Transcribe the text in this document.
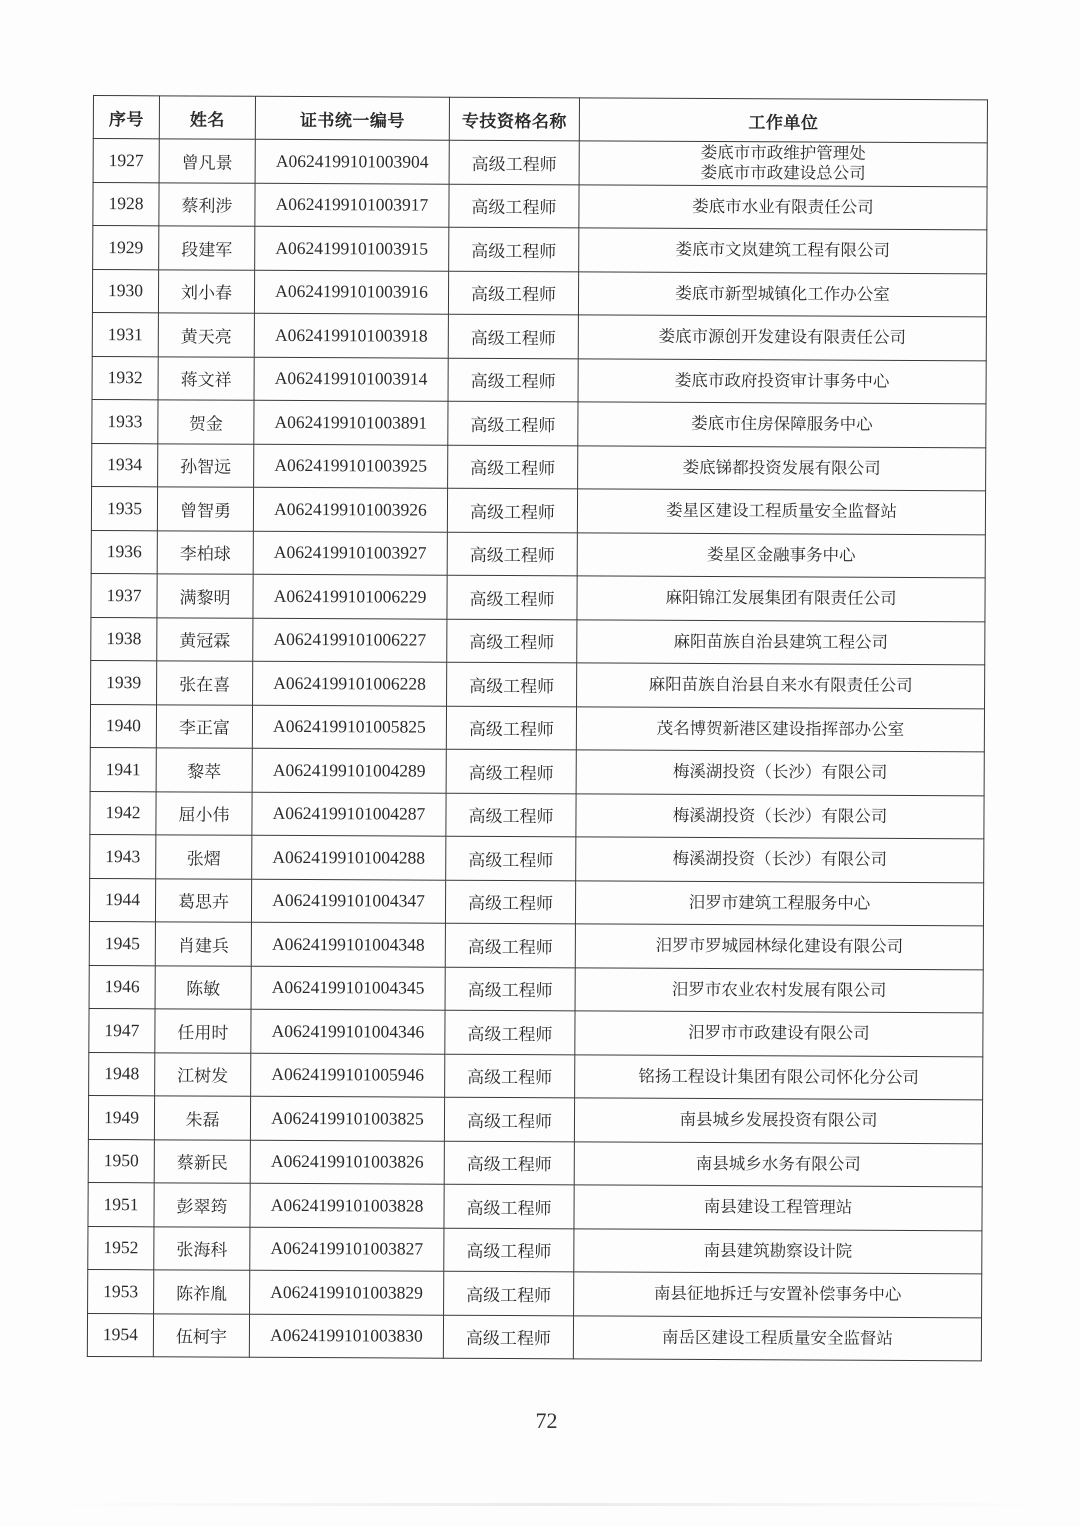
序号	姓名	证书统一编号	专技资格名称	工作单位
1927	曾凡景	A0624199101003904	高级工程师	娄底市市政维护管理处
娄底市市政建设总公司

1928	蔡利涉	A0624199101003917	高级工程师	娄底市水业有限责任公司

1929	段建军	A0624199101003915	高级工程师	娄底市文岚建筑工程有限公司

1930	刘小春	A0624199101003916	高级工程师	娄底市新型城镇化工作办公室

1931	黄天亮	A0624199101003918	高级工程师	娄底市源创开发建设有限责任公司

1932	蒋文祥	A0624199101003914	高级工程师	娄底市政府投资审计事务中心

1933	贺金	A0624199101003891	高级工程师	娄底市住房保障服务中心

1934	孙智远	A0624199101003925	高级工程师	娄底锑都投资发展有限公司

1935	曾智勇	A0624199101003926	高级工程师	娄星区建设工程质量安全监督站

1936	李柏球	A0624199101003927	高级工程师	娄星区金融事务中心

1937	满黎明	A0624199101006229	高级工程师	麻阳锦江发展集团有限责任公司

1938	黄冠霖	A0624199101006227	高级工程师	麻阳苗族自治县建筑工程公司

1939	张在喜	A0624199101006228	高级工程师	麻阳苗族自治县自来水有限责任公司

1940	李正富	A0624199101005825	高级工程师	茂名博贺新港区建设指挥部办公室

1941	黎萃	A0624199101004289	高级工程师	梅溪湖投资（长沙）有限公司

1942	屈小伟	A0624199101004287	高级工程师	梅溪湖投资（长沙）有限公司

1943	张熠	A0624199101004288	高级工程师	梅溪湖投资（长沙）有限公司

1944	葛思卉	A0624199101004347	高级工程师	汨罗市建筑工程服务中心

1945	肖建兵	A0624199101004348	高级工程师	汨罗市罗城园林绿化建设有限公司

1946	陈敏	A0624199101004345	高级工程师	汨罗市农业农村发展有限公司

1947	任用时	A0624199101004346	高级工程师	汨罗市市政建设有限公司

1948	江树发	A0624199101005946	高级工程师	铭扬工程设计集团有限公司怀化分公司

1949	朱磊	A0624199101003825	高级工程师	南县城乡发展投资有限公司

1950	蔡新民	A0624199101003826	高级工程师	南县城乡水务有限公司

1951	彭翠筠	A0624199101003828	高级工程师	南县建设工程管理站

1952	张海科	A0624199101003827	高级工程师	南县建筑勘察设计院

1953	陈祚胤	A0624199101003829	高级工程师	南县征地拆迁与安置补偿事务中心

1954	伍柯宇	A0624199101003830	高级工程师	南岳区建设工程质量安全监督站
72
